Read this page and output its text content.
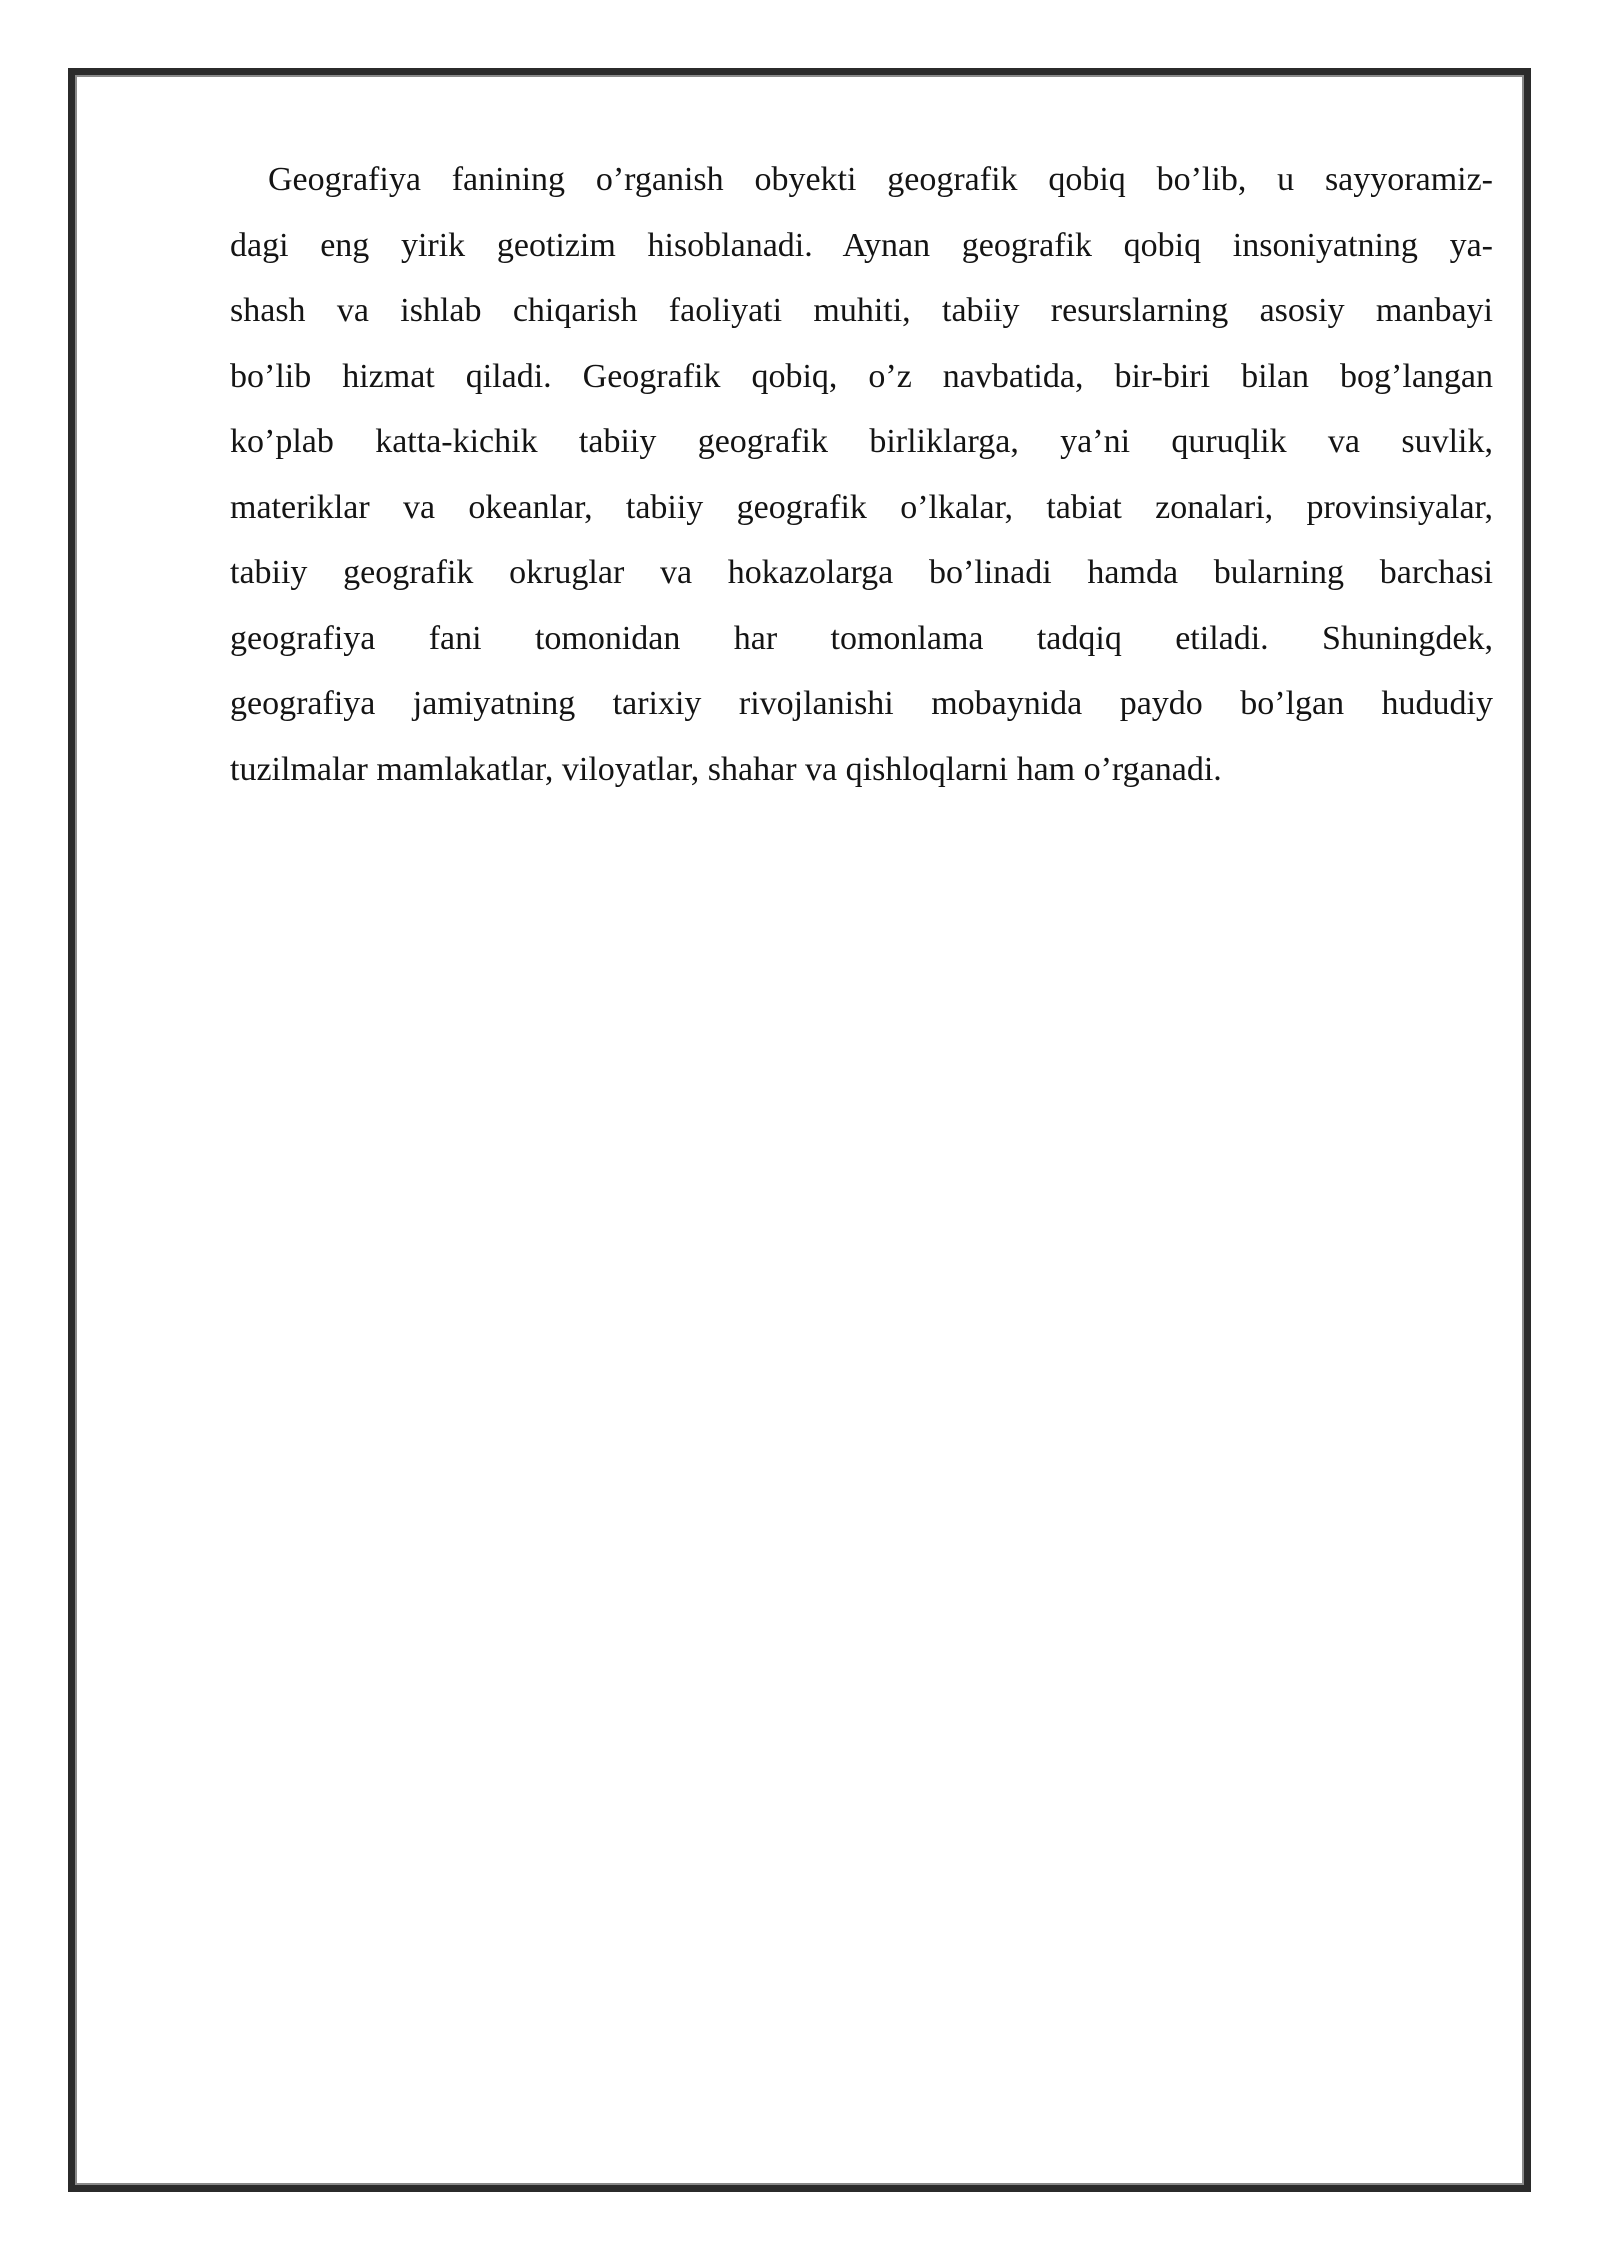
Geografiya fanining o’rganish obyekti geografik qobiq bo’lib, u sayyoramiz-
dagi eng yirik geotizim hisoblanadi. Aynan geografik qobiq insoniyatning ya-
shash va ishlab chiqarish faoliyati muhiti, tabiiy resurslarning asosiy manbayi
bo’lib hizmat qiladi. Geografik qobiq, o’z navbatida, bir-biri bilan bog’langan
ko’plab katta-kichik tabiiy geografik birliklarga, ya’ni quruqlik va suvlik,
materiklar va okeanlar, tabiiy geografik o’lkalar, tabiat zonalari, provinsiyalar,
tabiiy geografik okruglar va hokazolarga bo’linadi hamda bularning barchasi
geografiya fani tomonidan har tomonlama tadqiq etiladi. Shuningdek,
geografiya jamiyatning tarixiy rivojlanishi mobaynida paydo bo’lgan hududiy
tuzilmalar mamlakatlar, viloyatlar, shahar va qishloqlarni ham o’rganadi.
